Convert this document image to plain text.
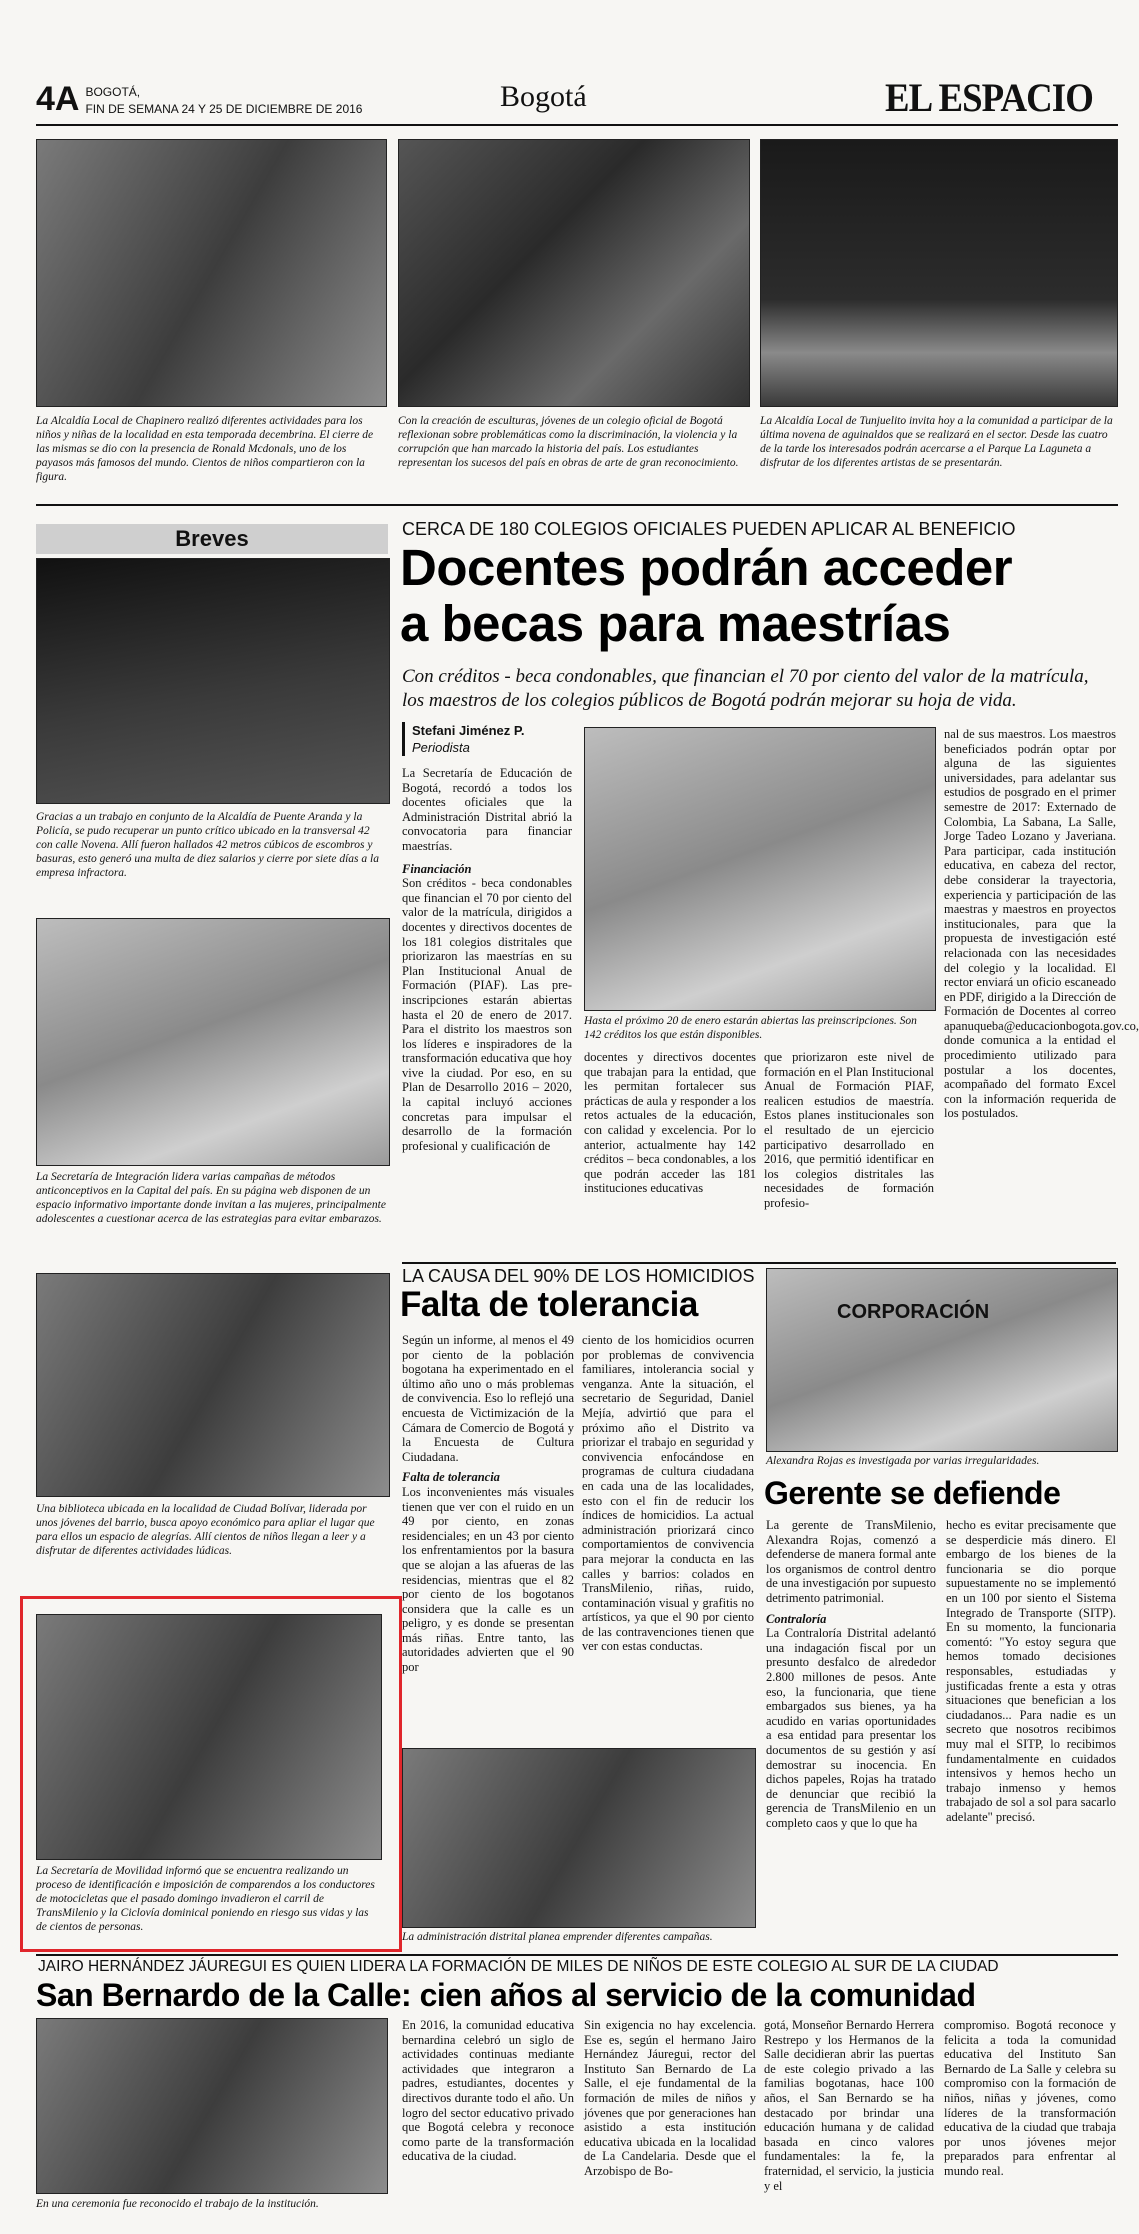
4A BOGOTÁ,
FIN DE SEMANA 24 Y 25 DE DICIEMBRE DE 2016	Bogotá	EL ESPACIO
La Alcaldía Local de Chapinero realizó diferentes actividades para los niños y niñas de la localidad en esta temporada decembrina. El cierre de las mismas se dio con la presencia de Ronald Mcdonals, uno de los payasos más famosos del mundo. Cientos de niños compartieron con la figura.
Con la creación de esculturas, jóvenes de un colegio oficial de Bogotá reflexionan sobre problemáticas como la discriminación, la violencia y la corrupción que han marcado la historia del país. Los estudiantes representan los sucesos del país en obras de arte de gran reconocimiento.
La Alcaldía Local de Tunjuelito invita hoy a la comunidad a participar de la última novena de aguinaldos que se realizará en el sector. Desde las cuatro de la tarde los interesados podrán acercarse a el Parque La Laguneta a disfrutar de los diferentes artistas de se presentarán.
Breves
Gracias a un trabajo en conjunto de la Alcaldía de Puente Aranda y la Policía, se pudo recuperar un punto crítico ubicado en la transversal 42 con calle Novena. Allí fueron hallados 42 metros cúbicos de escombros y basuras, esto generó una multa de diez salarios y cierre por siete días a la empresa infractora.
La Secretaría de Integración lidera varias campañas de métodos anticonceptivos en la Capital del país. En su página web disponen de un espacio informativo importante donde invitan a las mujeres, principalmente adolescentes a cuestionar acerca de las estrategias para evitar embarazos.
Una biblioteca ubicada en la localidad de Ciudad Bolívar, liderada por unos jóvenes del barrio, busca apoyo económico para apliar el lugar que para ellos un espacio de alegrías. Allí cientos de niños llegan a leer y a disfrutar de diferentes actividades lúdicas.
La Secretaría de Movilidad informó que se encuentra realizando un proceso de identificación e imposición de comparendos a los conductores de motocicletas que el pasado domingo invadieron el carril de TransMilenio y la Ciclovía dominical poniendo en riesgo sus vidas y las de cientos de personas.
CERCA DE 180 COLEGIOS OFICIALES PUEDEN APLICAR AL BENEFICIO
Docentes podrán acceder
a becas para maestrías
Con créditos - beca condonables, que financian el 70 por ciento del valor de la matrícula, los maestros de los colegios públicos de Bogotá podrán mejorar su hoja de vida.
Stefani Jiménez P.
Periodista

La Secretaría de Educación de Bogotá, recordó a todos los docentes oficiales que la Administración Distrital abrió la convocatoria para financiar maestrías.

Financiación

Son créditos - beca condonables que financian el 70 por ciento del valor de la matrícula, dirigidos a docentes y directivos docentes de los 181 colegios distritales que priorizaron las maestrías en su Plan Institucional Anual de Formación (PIAF). Las pre-inscripciones estarán abiertas hasta el 20 de enero de 2017. Para el distrito los maestros son los líderes e inspiradores de la transformación educativa que hoy vive la ciudad. Por eso, en su Plan de Desarrollo 2016 – 2020, la capital incluyó acciones concretas para impulsar el desarrollo de la formación profesional y cualificación de

Hasta el próximo 20 de enero estarán abiertas las preinscripciones. Son 142 créditos los que están disponibles.
docentes y directivos docentes que trabajan para la entidad, que les permitan fortalecer sus prácticas de aula y responder a los retos actuales de la educación, con calidad y excelencia. Por lo anterior, actualmente hay 142 créditos – beca condonables, a los que podrán acceder las 181 instituciones educativas
que priorizaron este nivel de formación en el Plan Institucional Anual de Formación PIAF, realicen estudios de maestría. Estos planes institucionales son el resultado de un ejercicio participativo desarrollado en 2016, que permitió identificar en los colegios distritales las necesidades de formación profesio-
nal de sus maestros. Los maestros beneficiados podrán optar por alguna de las siguientes universidades, para adelantar sus estudios de posgrado en el primer semestre de 2017: Externado de Colombia, La Sabana, La Salle, Jorge Tadeo Lozano y Javeriana. Para participar, cada institución educativa, en cabeza del rector, debe considerar la trayectoria, experiencia y participación de las maestras y maestros en proyectos institucionales, para que la propuesta de investigación esté relacionada con las necesidades del colegio y la localidad. El rector enviará un oficio escaneado en PDF, dirigido a la Dirección de Formación de Docentes al correo apanuqueba@educacionbogota.gov.co, donde comunica a la entidad el procedimiento utilizado para postular a los docentes, acompañado del formato Excel con la información requerida de los postulados.
LA CAUSA DEL 90% DE LOS HOMICIDIOS
Falta de tolerancia

Según un informe, al menos el 49 por ciento de la población bogotana ha experimentado en el último año uno o más problemas de convivencia. Eso lo reflejó una encuesta de Victimización de la Cámara de Comercio de Bogotá y la Encuesta de Cultura Ciudadana.

Falta de tolerancia

Los inconvenientes más visuales tienen que ver con el ruido en un 49 por ciento, en zonas residenciales; en un 43 por ciento los enfrentamientos por la basura que se alojan a las afueras de las residencias, mientras que el 82 por ciento de los bogotanos considera que la calle es un peligro, y es donde se presentan más riñas. Entre tanto, las autoridades advierten que el 90 por

ciento de los homicidios ocurren por problemas de convivencia familiares, intolerancia social y venganza. Ante la situación, el secretario de Seguridad, Daniel Mejía, advirtió que para el próximo año el Distrito va priorizar el trabajo en seguridad y convivencia enfocándose en programas de cultura ciudadana en cada una de las localidades, esto con el fin de reducir los índices de homicidios. La actual administración priorizará cinco comportamientos de convivencia para mejorar la conducta en las calles y barrios: colados en TransMilenio, riñas, ruido, contaminación visual y grafitis no artísticos, ya que el 90 por ciento de las contravenciones tienen que ver con estas conductas.
La administración distrital planea emprender diferentes campañas.
CORPORACIÓN
Alexandra Rojas es investigada por varias irregularidades.
Gerente se defiende

La gerente de TransMilenio, Alexandra Rojas, comenzó a defenderse de manera formal ante los organismos de control dentro de una investigación por supuesto detrimento patrimonial.

Contraloría

La Contraloría Distrital adelantó una indagación fiscal por un presunto desfalco de alrededor 2.800 millones de pesos. Ante eso, la funcionaria, que tiene embargados sus bienes, ya ha acudido en varias oportunidades a esa entidad para presentar los documentos de su gestión y así demostrar su inocencia. En dichos papeles, Rojas ha tratado de denunciar que recibió la gerencia de TransMilenio en un completo caos y que lo que ha

hecho es evitar precisamente que se desperdicie más dinero. El embargo de los bienes de la funcionaria se dio porque supuestamente no se implementó en un 100 por siento el Sistema Integrado de Transporte (SITP). En su momento, la funcionaria comentó: "Yo estoy segura que hemos tomado decisiones responsables, estudiadas y justificadas frente a esta y otras situaciones que benefician a los ciudadanos... Para nadie es un secreto que nosotros recibimos muy mal el SITP, lo recibimos fundamentalmente en cuidados intensivos y hemos hecho un trabajo inmenso y hemos trabajado de sol a sol para sacarlo adelante" precisó.
JAIRO HERNÁNDEZ JÁUREGUI ES QUIEN LIDERA LA FORMACIÓN DE MILES DE NIÑOS DE ESTE COLEGIO AL SUR DE LA CIUDAD
San Bernardo de la Calle: cien años al servicio de la comunidad
En una ceremonia fue reconocido el trabajo de la institución.
En 2016, la comunidad educativa bernardina celebró un siglo de actividades continuas mediante actividades que integraron a padres, estudiantes, docentes y directivos durante todo el año. Un logro del sector educativo privado que Bogotá celebra y reconoce como parte de la transformación educativa de la ciudad.
Sin exigencia no hay excelencia. Ese es, según el hermano Jairo Hernández Jáuregui, rector del Instituto San Bernardo de La Salle, el eje fundamental de la formación de miles de niños y jóvenes que por generaciones han asistido a esta institución educativa ubicada en la localidad de La Candelaria. Desde que el Arzobispo de Bo-
gotá, Monseñor Bernardo Herrera Restrepo y los Hermanos de la Salle decidieran abrir las puertas de este colegio privado a las familias bogotanas, hace 100 años, el San Bernardo se ha destacado por brindar una educación humana y de calidad basada en cinco valores fundamentales: la fe, la fraternidad, el servicio, la justicia y el
compromiso. Bogotá reconoce y felicita a toda la comunidad educativa del Instituto San Bernardo de La Salle y celebra su compromiso con la formación de niños, niñas y jóvenes, como líderes de la transformación educativa de la ciudad que trabaja por unos jóvenes mejor preparados para enfrentar al mundo real.
